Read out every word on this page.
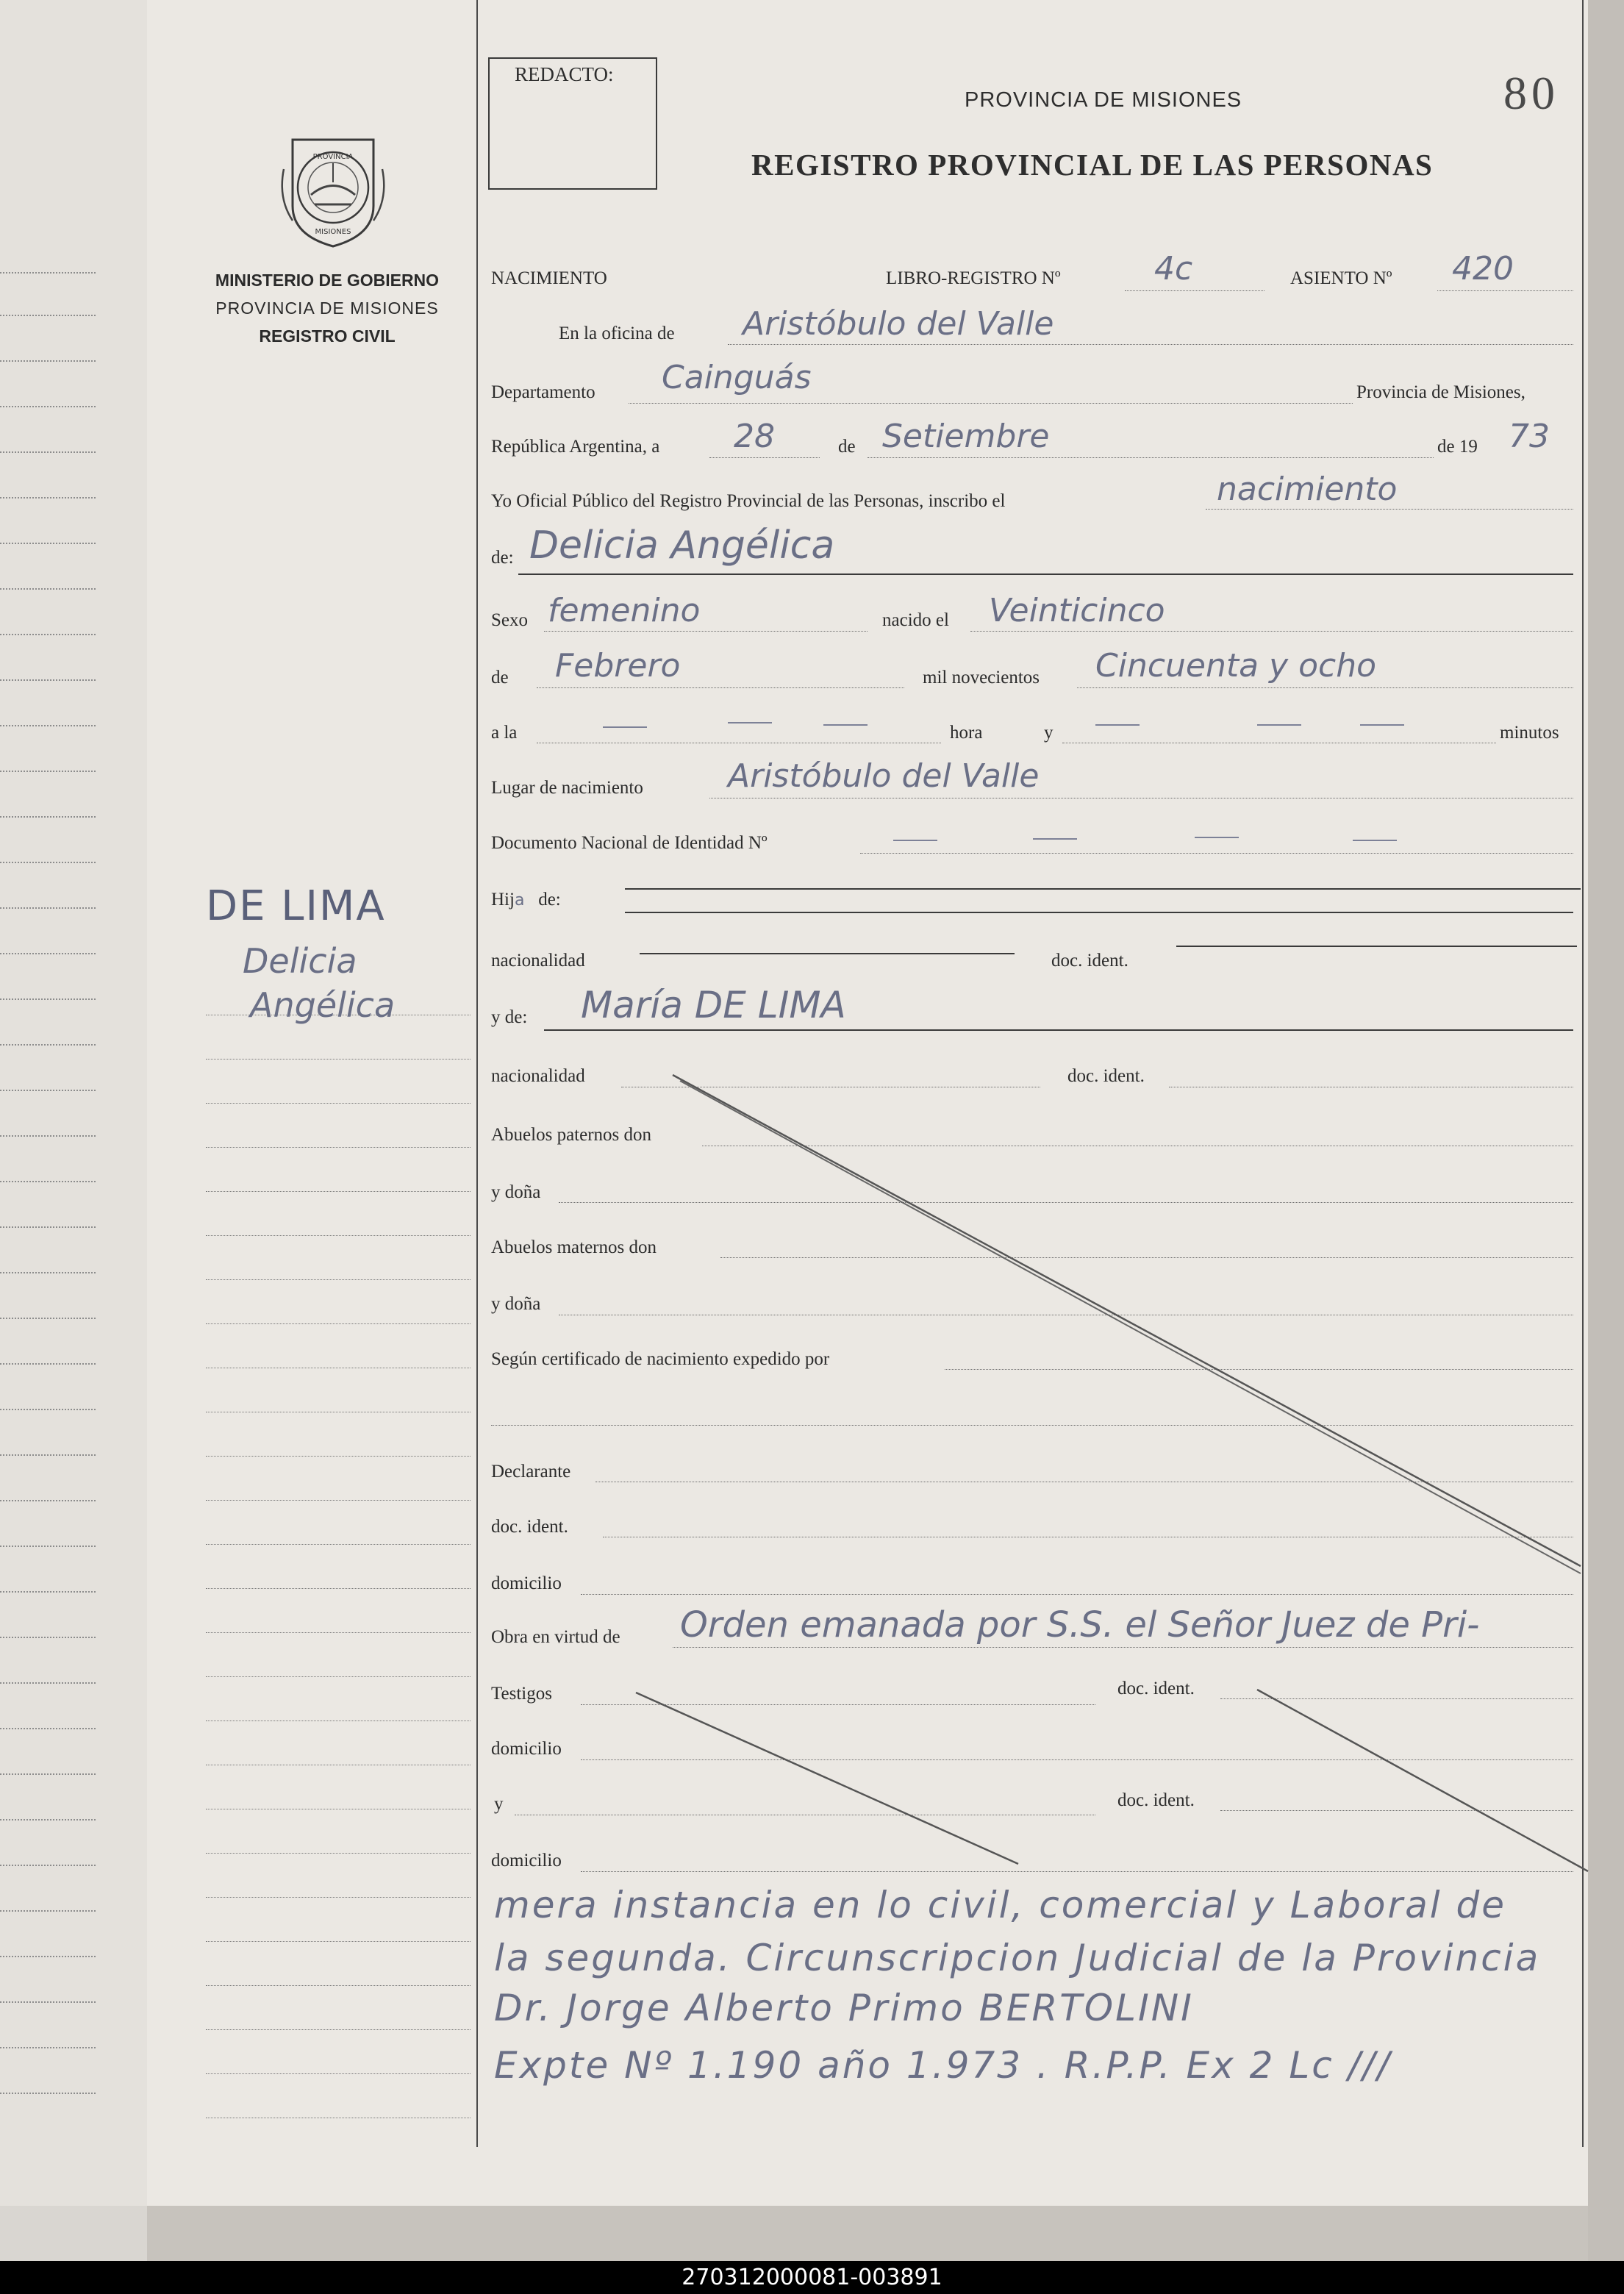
PROVINCIA
MISIONES
MINISTERIO DE GOBIERNO
PROVINCIA DE MISIONES
REGISTRO CIVIL
DE LIMA
Delicia
Angélica
REDACTO:
PROVINCIA DE MISIONES	80
REGISTRO PROVINCIAL DE LAS PERSONAS
NACIMIENTO	LIBRO-REGISTRO Nº	4c	ASIENTO Nº 420
En la oficina de Aristóbulo del Valle
Departamento Cainguás	Provincia de Misiones,
República Argentina, a 28	de Setiembre	de 19 73
Yo Oficial Público del Registro Provincial de las Personas, inscribo el	nacimiento
de: Delicia Angélica
Sexo femenino	nacido el Veinticinco
de Febrero	mil novecientos Cincuenta y ocho
a la	hora	y	minutos
Lugar de nacimiento	Aristóbulo del Valle
Documento Nacional de Identidad Nº
Hija de:
nacionalidad	doc. ident.
y de: María DE LIMA
nacionalidad	doc. ident.
Abuelos paternos don
y doña
Abuelos maternos don
y doña
Según certificado de nacimiento expedido por
Declarante
doc. ident.
domicilio
Obra en virtud de Orden emanada por S.S. el Señor Juez de Pri-
Testigos	doc. ident.
domicilio
y	doc. ident.
domicilio
mera instancia en lo civil, comercial y Laboral de
la segunda. Circunscripcion Judicial de la Provincia
Dr. Jorge Alberto Primo BERTOLINI
Expte Nº 1.190 año 1.973 . R.P.P. Ex 2 Lc ///
270312000081-003891
